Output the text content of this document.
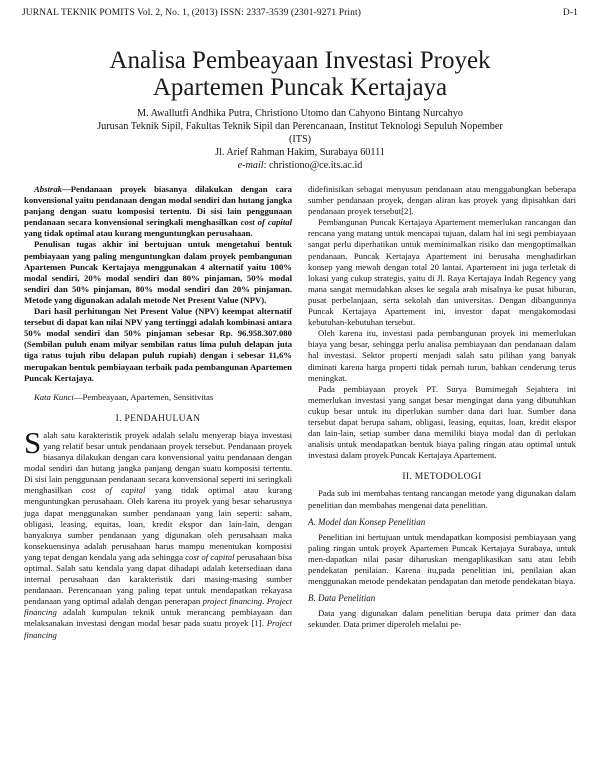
JURNAL TEKNIK POMITS Vol. 2, No. 1, (2013) ISSN: 2337-3539 (2301-9271 Print)	D-1
Analisa Pembeayaan Investasi Proyek
Apartemen Puncak Kertajaya
M. Awallutfi Andhika Putra, Christiono Utomo dan Cahyono Bintang Nurcahyo
Jurusan Teknik Sipil, Fakultas Teknik Sipil dan Perencanaan, Institut Teknologi Sepuluh Nopember
(ITS)
Jl. Arief Rahman Hakim, Surabaya 60111
e-mail: christiono@ce.its.ac.id

Abstrak—Pendanaan proyek biasanya dilakukan dengan cara konvensional yaitu pendanaan dengan modal sendiri dan hutang jangka panjang dengan suatu komposisi tertentu. Di sisi lain penggunaan pendanaan secara konvensional seringkali menghasilkan cost of capital yang tidak optimal atau kurang menguntungkan perusahaan.

Penulisan tugas akhir ini bertujuan untuk mengetahui bentuk pembiayaan yang paling menguntungkan dalam proyek pembangunan Apartemen Puncak Kertajaya menggunakan 4 alternatif yaitu 100% modal sendiri, 20% modal sendiri dan 80% pinjaman, 50% modal sendiri dan 50% pinjaman, 80% modal sendiri dan 20% pinjaman. Metode yang digunakan adalah metode Net Present Value (NPV).

Dari hasil perhitungan Net Present Value (NPV) keempat alternatif tersebut di dapat kan nilai NPV yang tertinggi adalah kombinasi antara 50% modal sendiri dan 50% pinjaman sebesar Rp. 96.958.307.080 (Sembilan puluh enam milyar sembilan ratus lima puluh delapan juta tiga ratus tujuh ribu delapan puluh rupiah) dengan i sebesar 11,6% merupakan bentuk pembiayaan terbaik pada pembangunan Apartemen Puncak Kertajaya.

Kata Kunci—Pembeayaan, Apartemen, Sensitivitas

I. PENDAHULUAN

Salah satu karakteristik proyek adalah selalu menyerap biaya investasi yang relatif besar untuk pendanaan proyek tersebut. Pendanaan proyek biasanya dilakukan dengan cara konvensional yaitu pendanaan dengan modal sendiri dan hutang jangka panjang dengan suatu komposisi tertentu. Di sisi lain penggunaan pendanaan secara konvensional seperti ini seringkali menghasilkan cost of capital yang tidak optimal atau kurang menguntungkan perusahaan. Oleh karena itu proyek yang besar seharusnya juga dapat menggunakan sumber pendanaan yang lain seperti: saham, obligasi, leasing, equitas, loan, kredit ekspor dan lain-lain, dengan banyaknya sumber pendanaan yang digunakan oleh perusahaan maka konsekuensinya adalah perusahaan harus mampu menentukan komposisi yang tepat dengan kendala yang ada sehingga cost of capital perusahaan bisa optimal. Salah satu kendala yang dapat dihadapi adalah ketersediaan dana internal perusahaan dan karakteristik dari masing-masing sumber pendanaan. Perencanaan yang paling tepat untuk mendapatkan rekayasa pendanaan yang optimal adalah dengan penerapan project financing. Project financing adalah kumpulan teknik untuk merancang pembiayaan dan melaksanakan investasi dengan modal besar pada suatu proyek [1]. Project financing

didefinisikan sebagai menyusun pendanaan atau menggabungkan beberapa sumber pendanaan proyek, dengan aliran kas proyek yang dipisahkan dari pendanaan proyek tersebut[2].

Pembangunan Puncak Kertajaya Apartement memerlukan rancangan dan rencana yang matang untuk mencapai tujuan, dalam hal ini segi pembiayaan sangat perlu diperhatikan untuk meminimalkan risiko dan mengoptimalkan pendanaan. Puncak Kertajaya Apartement ini berusaha menghadirkan konsep yang mewah dengan total 20 lantai. Apartement ini juga terletak di lokasi yang cukup strategis, yaitu di Jl. Raya Kertajaya Indah Regency yang mana sangat memudahkan akses ke segala arah misalnya ke pusat hiburan, pusat perbelanjaan, serta sekolah dan universitas. Dengan dibangunnya Puncak Kertajaya Apartement ini, investor dapat mengakomodasi kebutuhan-kebutuhan tersebut.

Oleh karena itu, investasi pada pembangunan proyek ini memerlukan biaya yang besar, sehingga perlu analisa pembiayaan dan pendanaan dalam hal investasi. Sektor properti menjadi salah satu pilihan yang banyak diminati karena harga properti tidak pernah turun, bahkan cenderung terus meningkat.

Pada pembiayaan proyek PT. Surya Bumimegah Sejahtera ini memerlukan investasi yang sangat besar mengingat dana yang dibutuhkan cukup besar untuk itu diperlukan sumber dana dari luar. Sumber dana tersebut dapat berupa saham, obligasi, leasing, equitas, loan, kredit ekspor dan lain-lain, setiap sumber dana memiliki biaya modal dan di perlukan analisis untuk mendapatkan bentuk biaya paling ringan atau optimal untuk investasi dalam proyek Puncak Kertajaya Apartement.

II. METODOLOGI

Pada sub ini membahas tentang rancangan metode yang digunakan dalam penelitian dan membahas mengenai data penelitian.

A. Model dan Konsep Penelitian

Penelitian ini bertujuan untuk mendapatkan komposisi pembiayaan yang paling ringan untuk proyek Apartemen Puncak Kertajaya Surabaya, untuk men-dapatkan nilai pasar diharuskan mengaplikasikan satu atau lebih pendekatan penilaian. Karena itu,pada penelitian ini, penilaian akan menggunakan metode pendekatan pendapatan dan metode pendekatan biaya.

B. Data Penelitian

Data yang digunakan dalam penelitian berupa data primer dan data sekunder. Data primer diperoleh melalui pe-
